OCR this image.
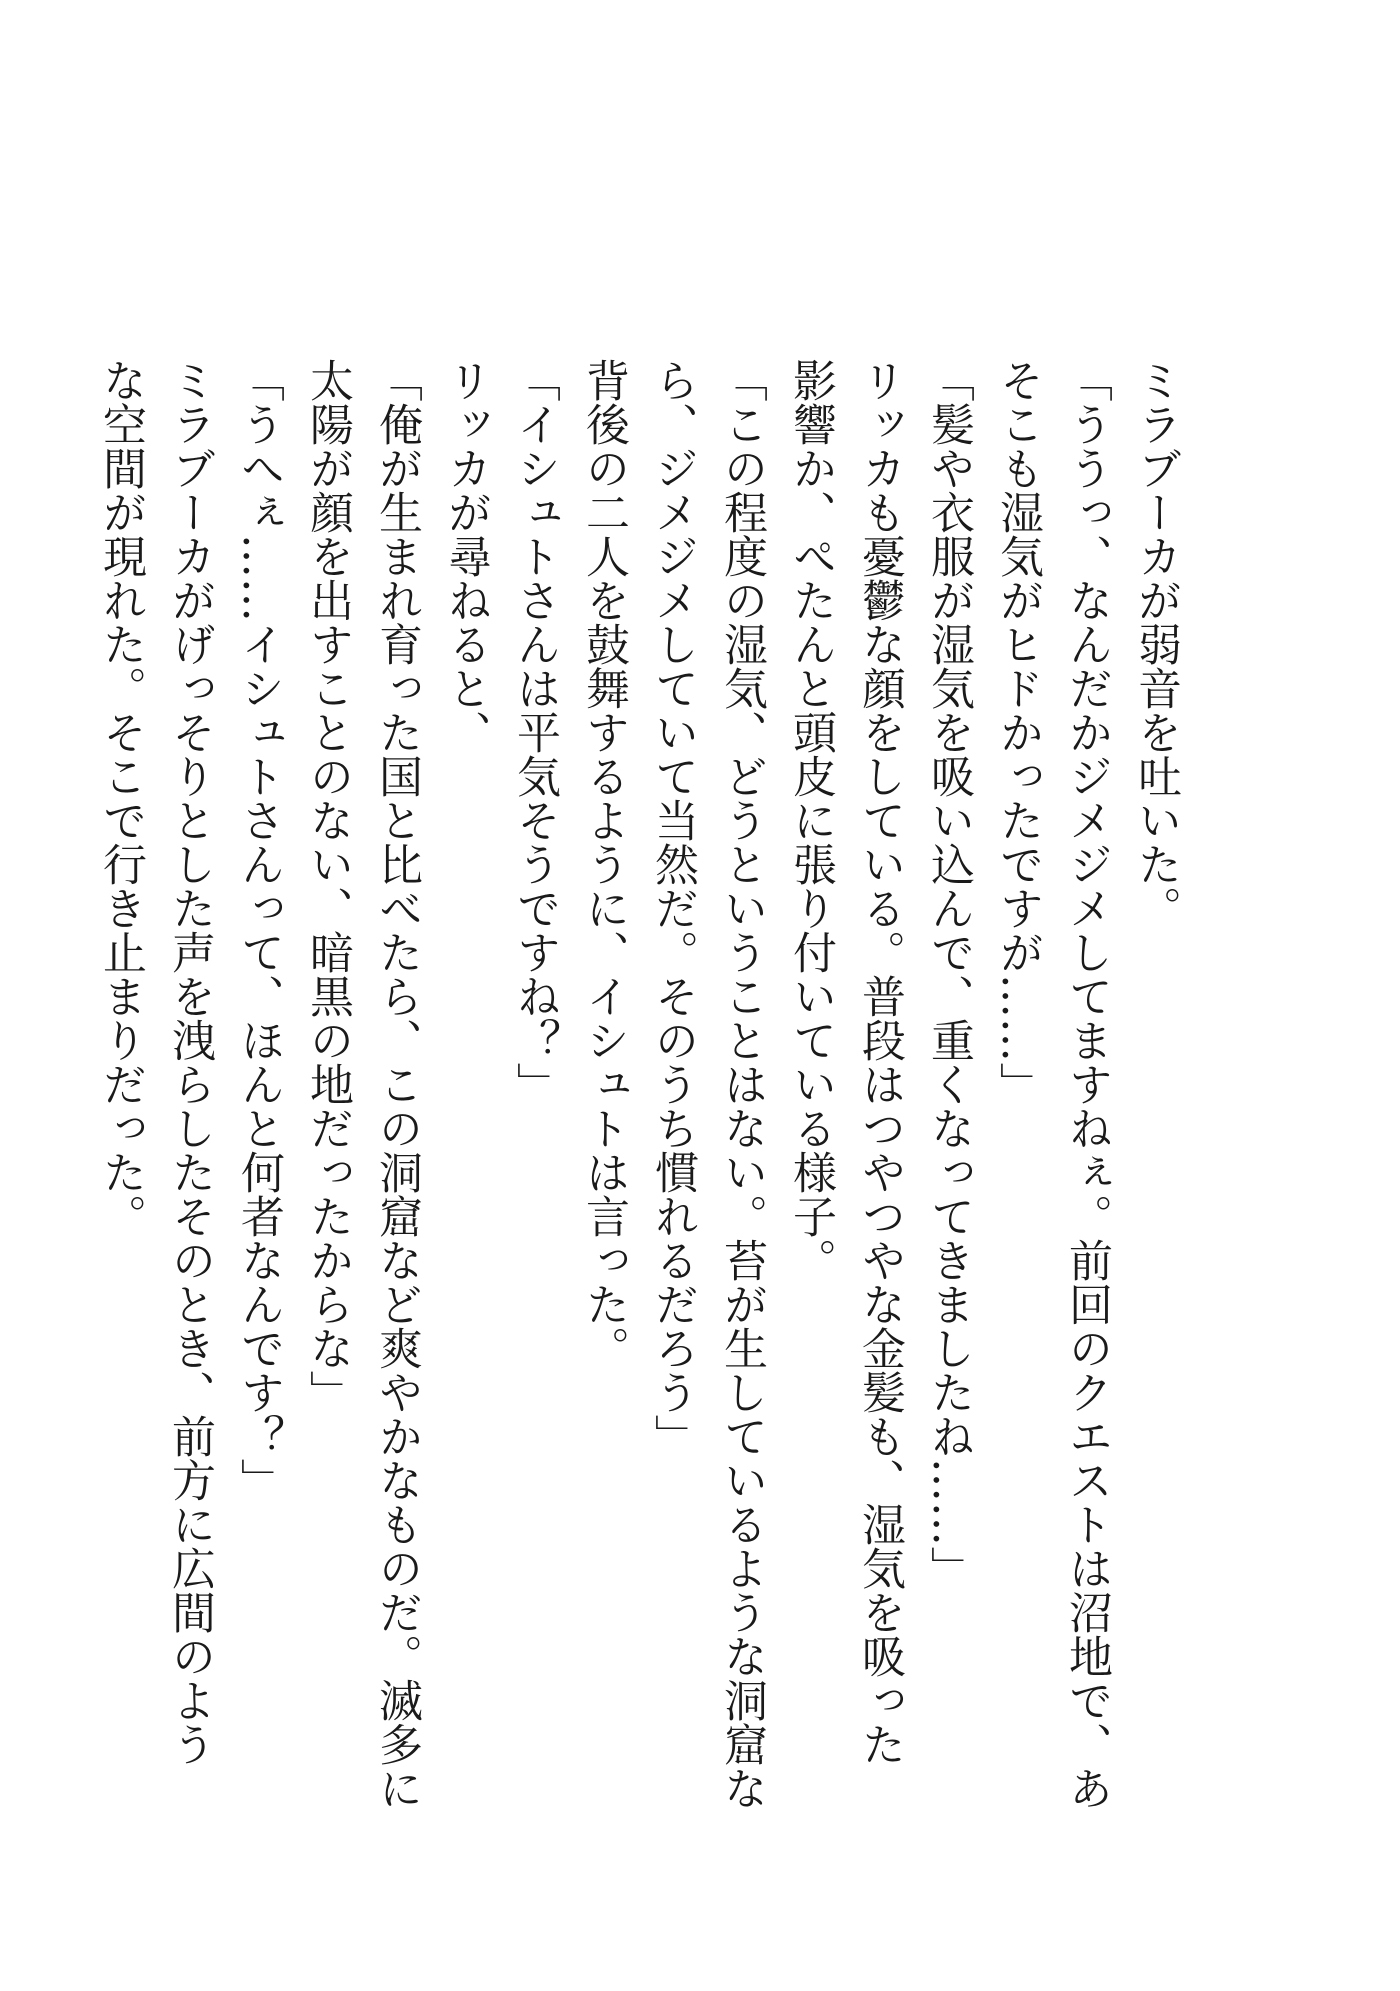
ミラブーカが弱音を吐いた。
「ううっ、なんだかジメジメしてますねぇ。前回のクエストは沼地で、あ
そこも湿気がヒドかったですが……」
「髪や衣服が湿気を吸い込んで、重くなってきましたね……」
リッカも憂鬱な顔をしている。普段はつやつやな金髪も、湿気を吸った
影響か、ぺたんと頭皮に張り付いている様子。
「この程度の湿気、どうということはない。苔が生しているような洞窟な
ら、ジメジメしていて当然だ。そのうち慣れるだろう」
背後の二人を鼓舞するように、イシュトは言った。
「イシュトさんは平気そうですね？」
リッカが尋ねると、
「俺が生まれ育った国と比べたら、この洞窟など爽やかなものだ。滅多に
太陽が顔を出すことのない、暗黒の地だったからな」
「うへぇ……イシュトさんって、ほんと何者なんです？」
ミラブーカがげっそりとした声を洩らしたそのとき、前方に広間のよう
な空間が現れた。そこで行き止まりだった。
